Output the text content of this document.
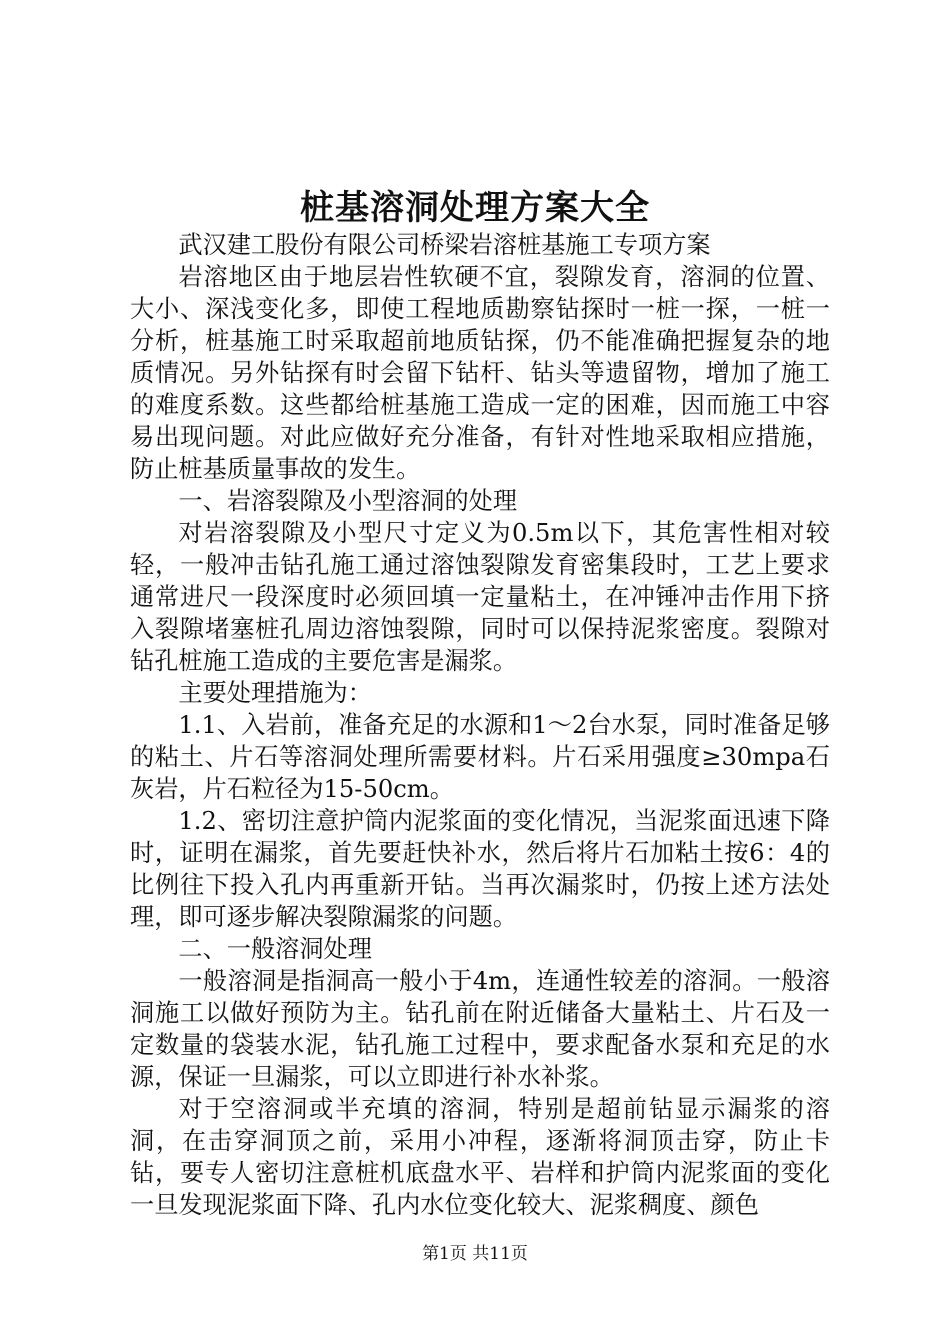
桩基溶洞处理方案大全

武汉建工股份有限公司桥梁岩溶桩基施工专项方案

岩溶地区由于地层岩性软硬不宜，裂隙发育，溶洞的位置、大小、深浅变化多，即使工程地质勘察钻探时一桩一探，一桩一分析，桩基施工时采取超前地质钻探，仍不能准确把握复杂的地质情况。另外钻探有时会留下钻杆、钻头等遗留物，增加了施工的难度系数。这些都给桩基施工造成一定的困难，因而施工中容易出现问题。对此应做好充分准备，有针对性地采取相应措施，防止桩基质量事故的发生。

一、岩溶裂隙及小型溶洞的处理

对岩溶裂隙及小型尺寸定义为0.5m以下，其危害性相对较轻，一般冲击钻孔施工通过溶蚀裂隙发育密集段时，工艺上要求通常进尺一段深度时必须回填一定量粘土，在冲锤冲击作用下挤入裂隙堵塞桩孔周边溶蚀裂隙，同时可以保持泥浆密度。裂隙对钻孔桩施工造成的主要危害是漏浆。

主要处理措施为：

1.1、入岩前，准备充足的水源和1～2台水泵，同时准备足够的粘土、片石等溶洞处理所需要材料。片石采用强度≥30mpa石灰岩，片石粒径为15-50cm。

1.2、密切注意护筒内泥浆面的变化情况，当泥浆面迅速下降时，证明在漏浆，首先要赶快补水，然后将片石加粘土按6：4的比例往下投入孔内再重新开钻。当再次漏浆时，仍按上述方法处理，即可逐步解决裂隙漏浆的问题。

二、一般溶洞处理

一般溶洞是指洞高一般小于4m，连通性较差的溶洞。一般溶洞施工以做好预防为主。钻孔前在附近储备大量粘土、片石及一定数量的袋装水泥，钻孔施工过程中，要求配备水泵和充足的水源，保证一旦漏浆，可以立即进行补水补浆。

对于空溶洞或半充填的溶洞，特别是超前钻显示漏浆的溶洞，在击穿洞顶之前，采用小冲程，逐渐将洞顶击穿，防止卡钻，要专人密切注意桩机底盘水平、岩样和护筒内泥浆面的变化一旦发现泥浆面下降、孔内水位变化较大、泥浆稠度、颜色

第1页 共11页
